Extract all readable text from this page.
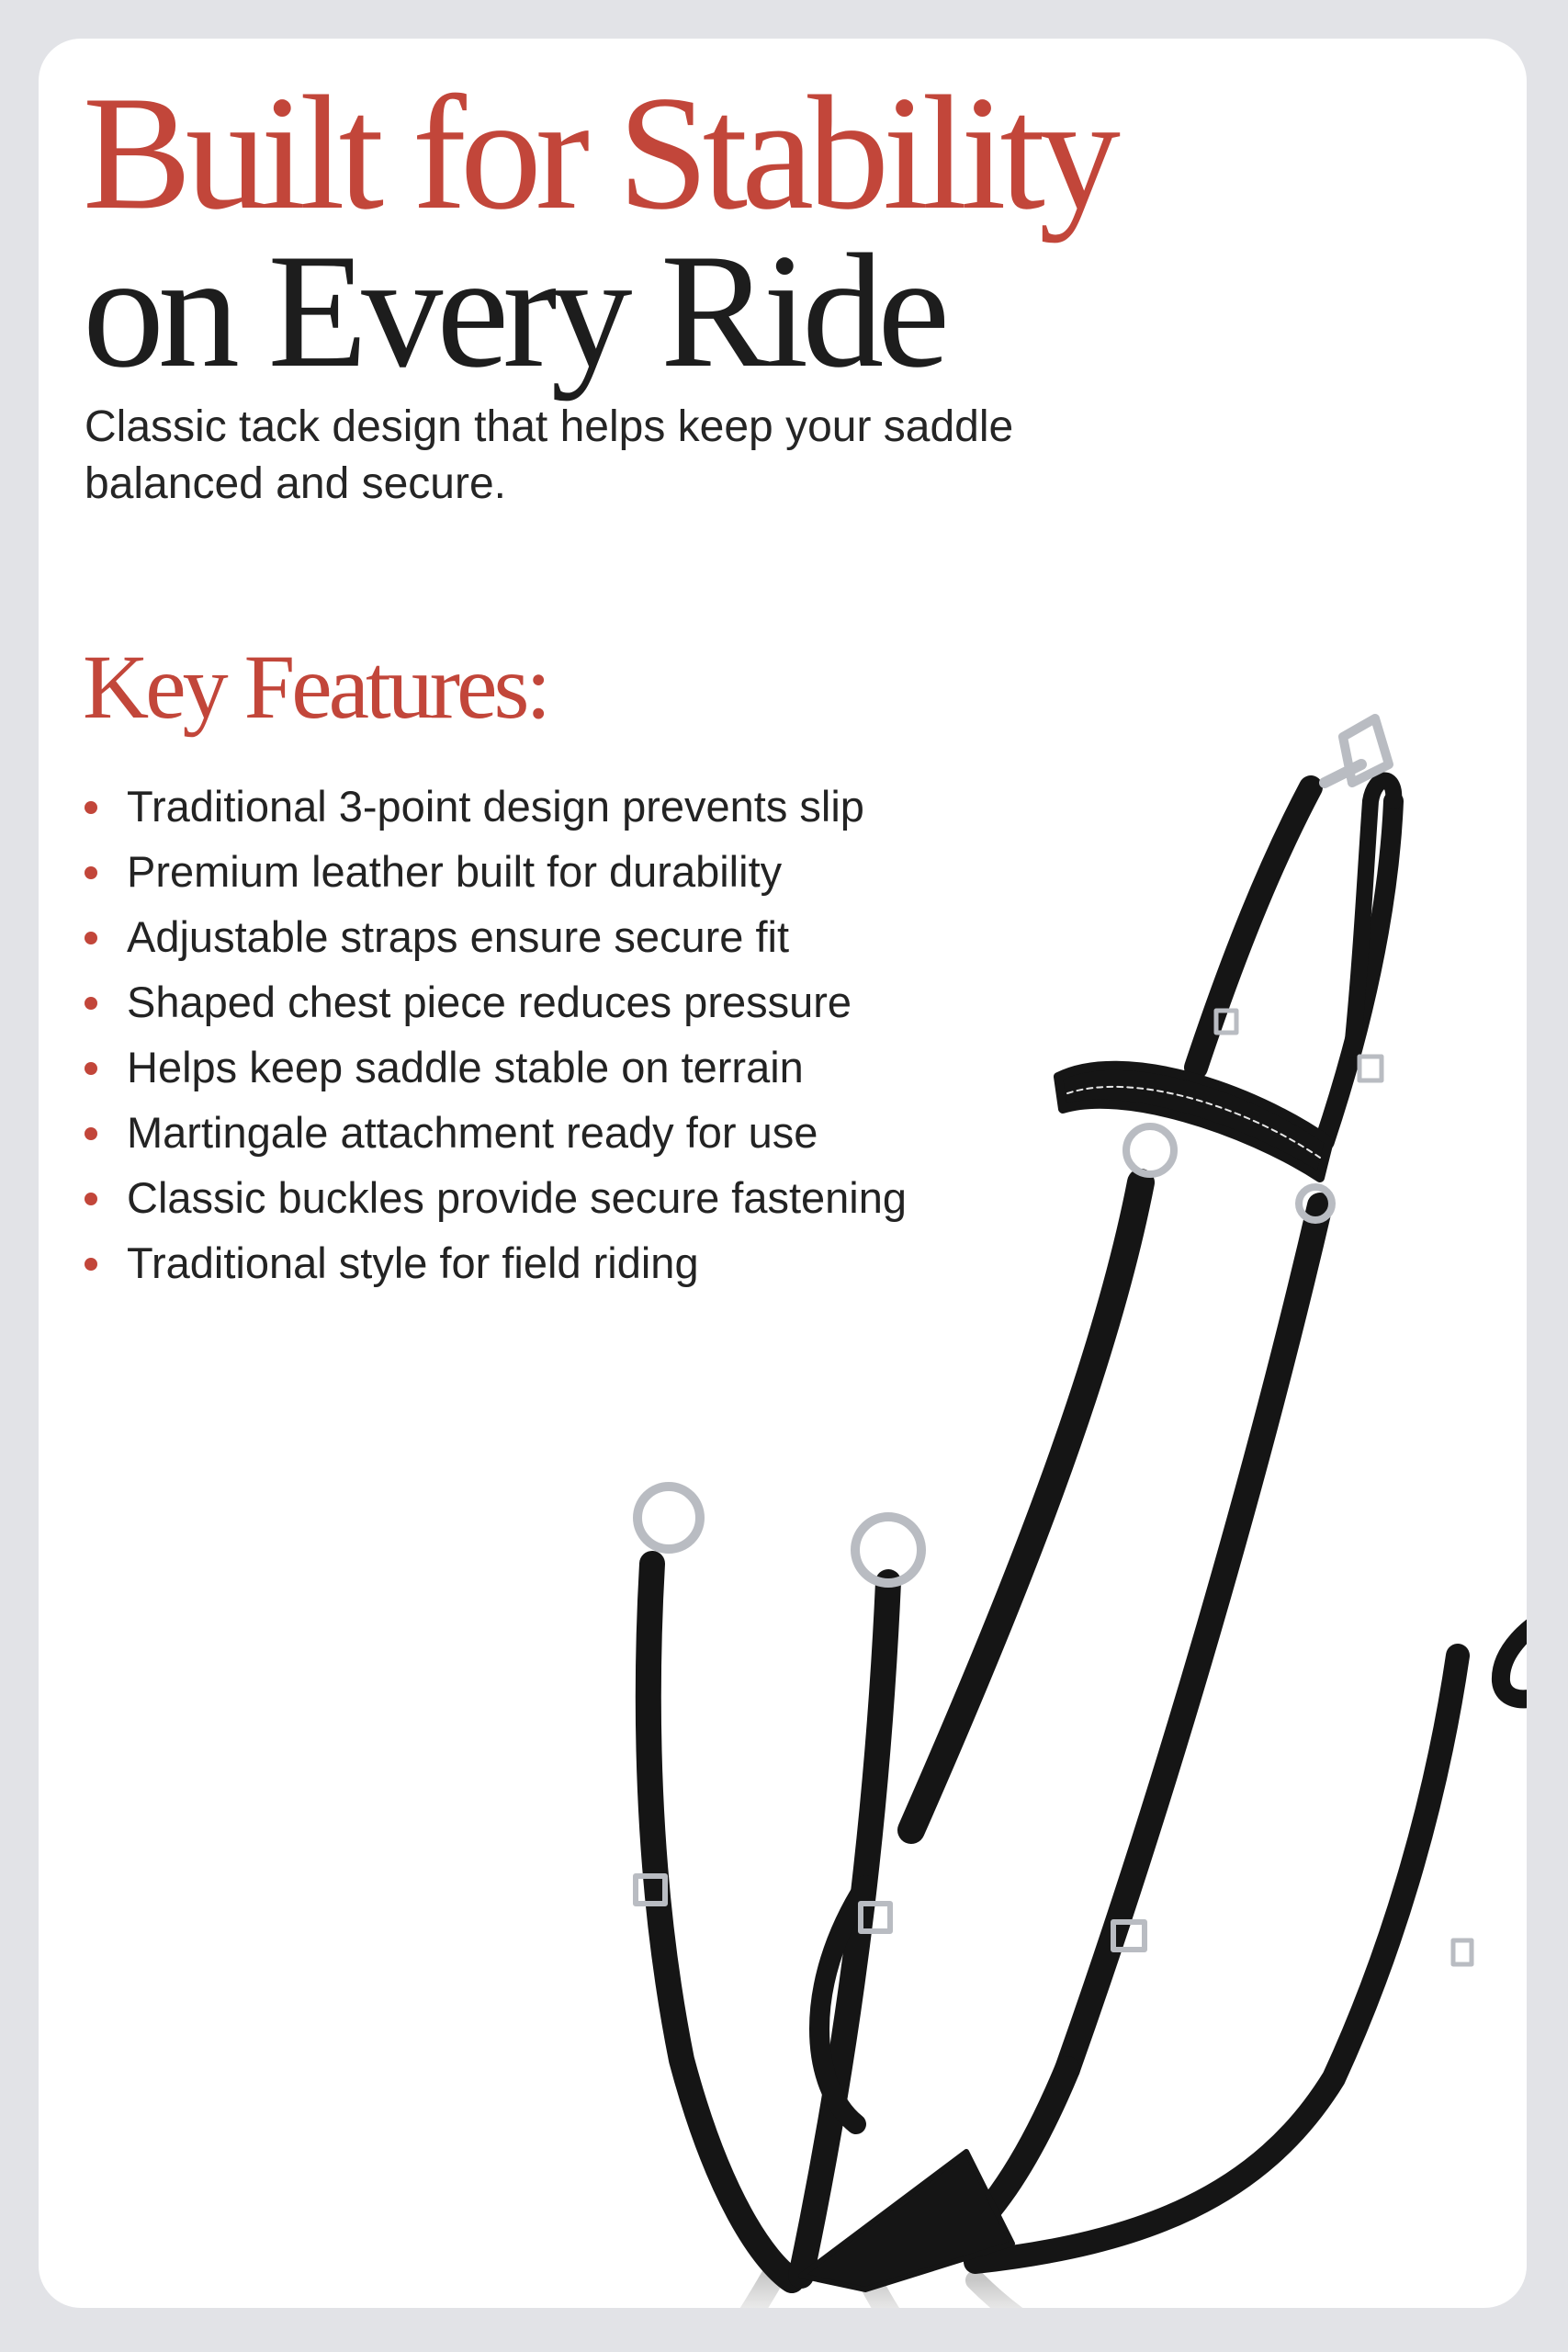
Built for Stability
on Every Ride

Classic tack design that helps keep your saddle balanced and secure.

Key Features:
Traditional 3-point design prevents slip
Premium leather built for durability
Adjustable straps ensure secure fit
Shaped chest piece reduces pressure
Helps keep saddle stable on terrain
Martingale attachment ready for use
Classic buckles provide secure fastening
Traditional style for field riding
